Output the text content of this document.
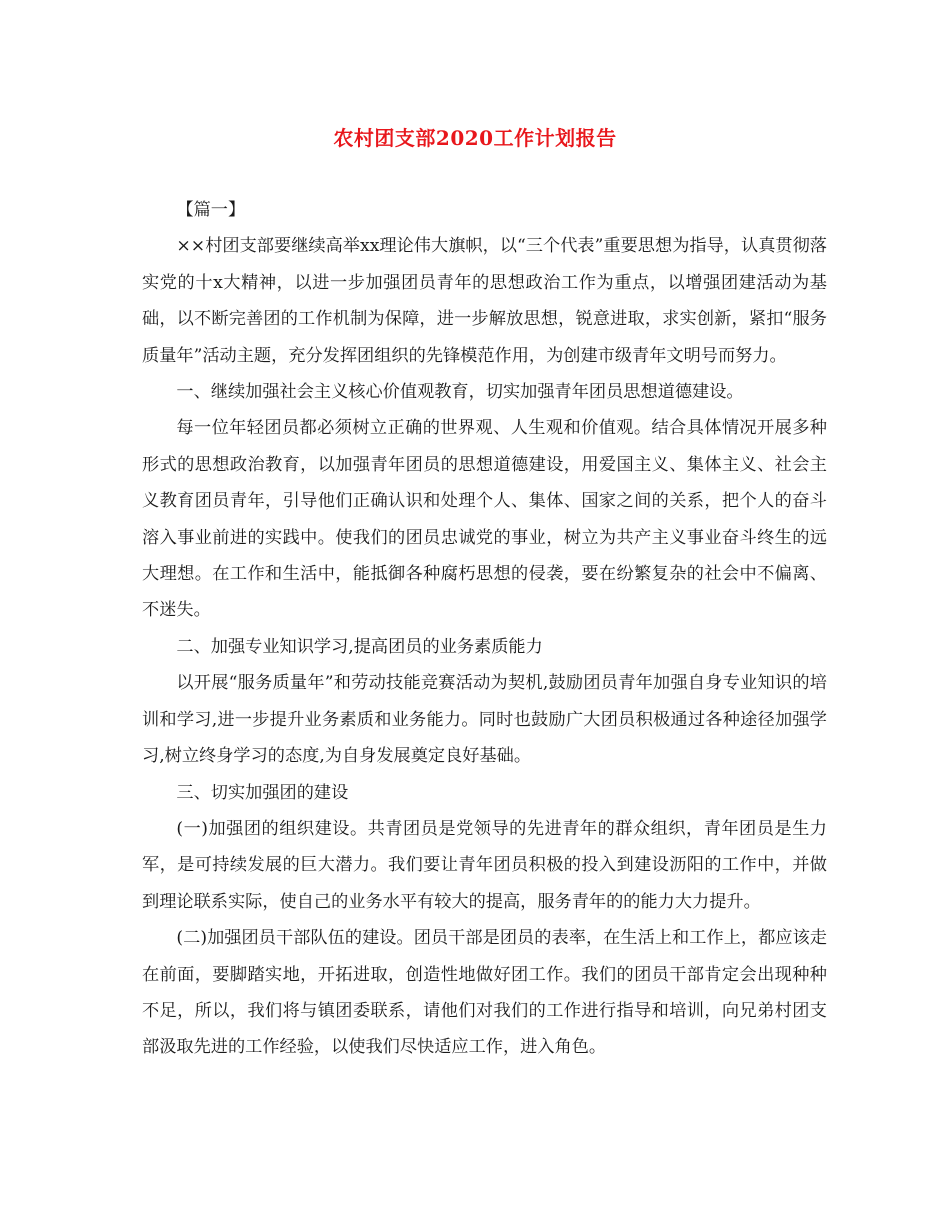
农村团支部2020工作计划报告

【篇一】

××村团支部要继续高举xx理论伟大旗帜，以“三个代表”重要思想为指导，认真贯彻落实党的十x大精神，以进一步加强团员青年的思想政治工作为重点，以增强团建活动为基础，以不断完善团的工作机制为保障，进一步解放思想，锐意进取，求实创新，紧扣“服务质量年”活动主题，充分发挥团组织的先锋模范作用，为创建市级青年文明号而努力。

一、继续加强社会主义核心价值观教育，切实加强青年团员思想道德建设。

每一位年轻团员都必须树立正确的世界观、人生观和价值观。结合具体情况开展多种形式的思想政治教育，以加强青年团员的思想道德建设，用爱国主义、集体主义、社会主义教育团员青年，引导他们正确认识和处理个人、集体、国家之间的关系，把个人的奋斗溶入事业前进的实践中。使我们的团员忠诚党的事业，树立为共产主义事业奋斗终生的远大理想。在工作和生活中，能抵御各种腐朽思想的侵袭，要在纷繁复杂的社会中不偏离、不迷失。

二、加强专业知识学习,提高团员的业务素质能力

以开展“服务质量年”和劳动技能竞赛活动为契机,鼓励团员青年加强自身专业知识的培训和学习,进一步提升业务素质和业务能力。同时也鼓励广大团员积极通过各种途径加强学习,树立终身学习的态度,为自身发展奠定良好基础。

三、切实加强团的建设

(一)加强团的组织建设。共青团员是党领导的先进青年的群众组织，青年团员是生力军，是可持续发展的巨大潜力。我们要让青年团员积极的投入到建设沥阳的工作中，并做到理论联系实际，使自己的业务水平有较大的提高，服务青年的的能力大力提升。

(二)加强团员干部队伍的建设。团员干部是团员的表率，在生活上和工作上，都应该走在前面，要脚踏实地，开拓进取，创造性地做好团工作。我们的团员干部肯定会出现种种不足，所以，我们将与镇团委联系，请他们对我们的工作进行指导和培训，向兄弟村团支部汲取先进的工作经验，以使我们尽快适应工作，进入角色。
